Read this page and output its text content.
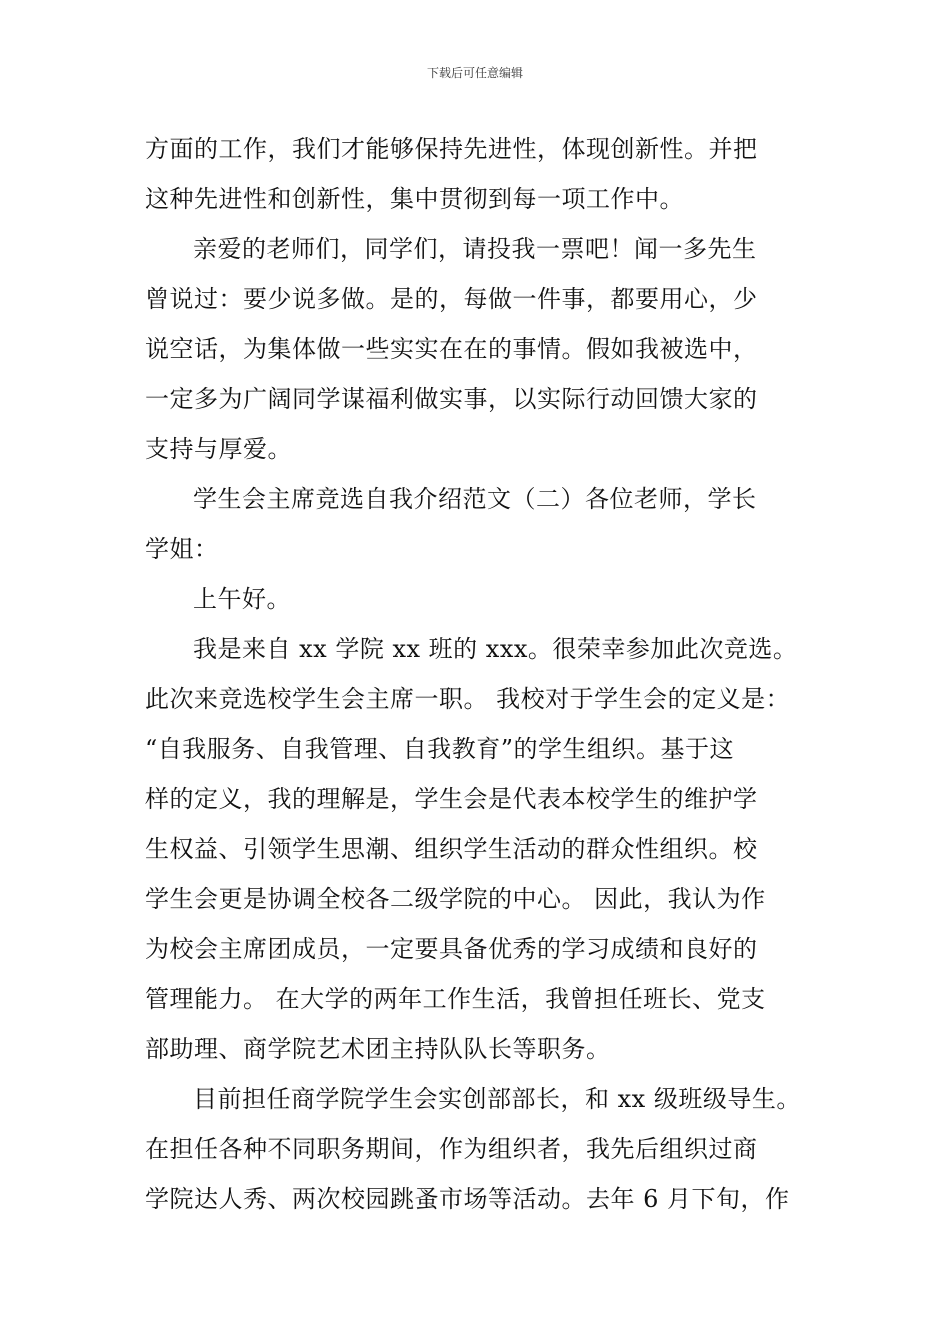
下载后可任意编辑
方面的工作，我们才能够保持先进性，体现创新性。并把
这种先进性和创新性，集中贯彻到每一项工作中。
亲爱的老师们，同学们，请投我一票吧！闻一多先生
曾说过：要少说多做。是的，每做一件事，都要用心，少
说空话，为集体做一些实实在在的事情。假如我被选中，
一定多为广阔同学谋福利做实事，以实际行动回馈大家的
支持与厚爱。
学生会主席竞选自我介绍范文（二）各位老师，学长
学姐：
上午好。
我是来自 xx 学院 xx 班的 xxx。很荣幸参加此次竞选。
此次来竞选校学生会主席一职。 我校对于学生会的定义是：
“自我服务、自我管理、自我教育”的学生组织。基于这
样的定义，我的理解是，学生会是代表本校学生的维护学
生权益、引领学生思潮、组织学生活动的群众性组织。校
学生会更是协调全校各二级学院的中心。 因此，我认为作
为校会主席团成员，一定要具备优秀的学习成绩和良好的
管理能力。 在大学的两年工作生活，我曾担任班长、党支
部助理、商学院艺术团主持队队长等职务。
目前担任商学院学生会实创部部长，和 xx 级班级导生。
在担任各种不同职务期间，作为组织者，我先后组织过商
学院达人秀、两次校园跳蚤市场等活动。去年 6 月下旬，作
